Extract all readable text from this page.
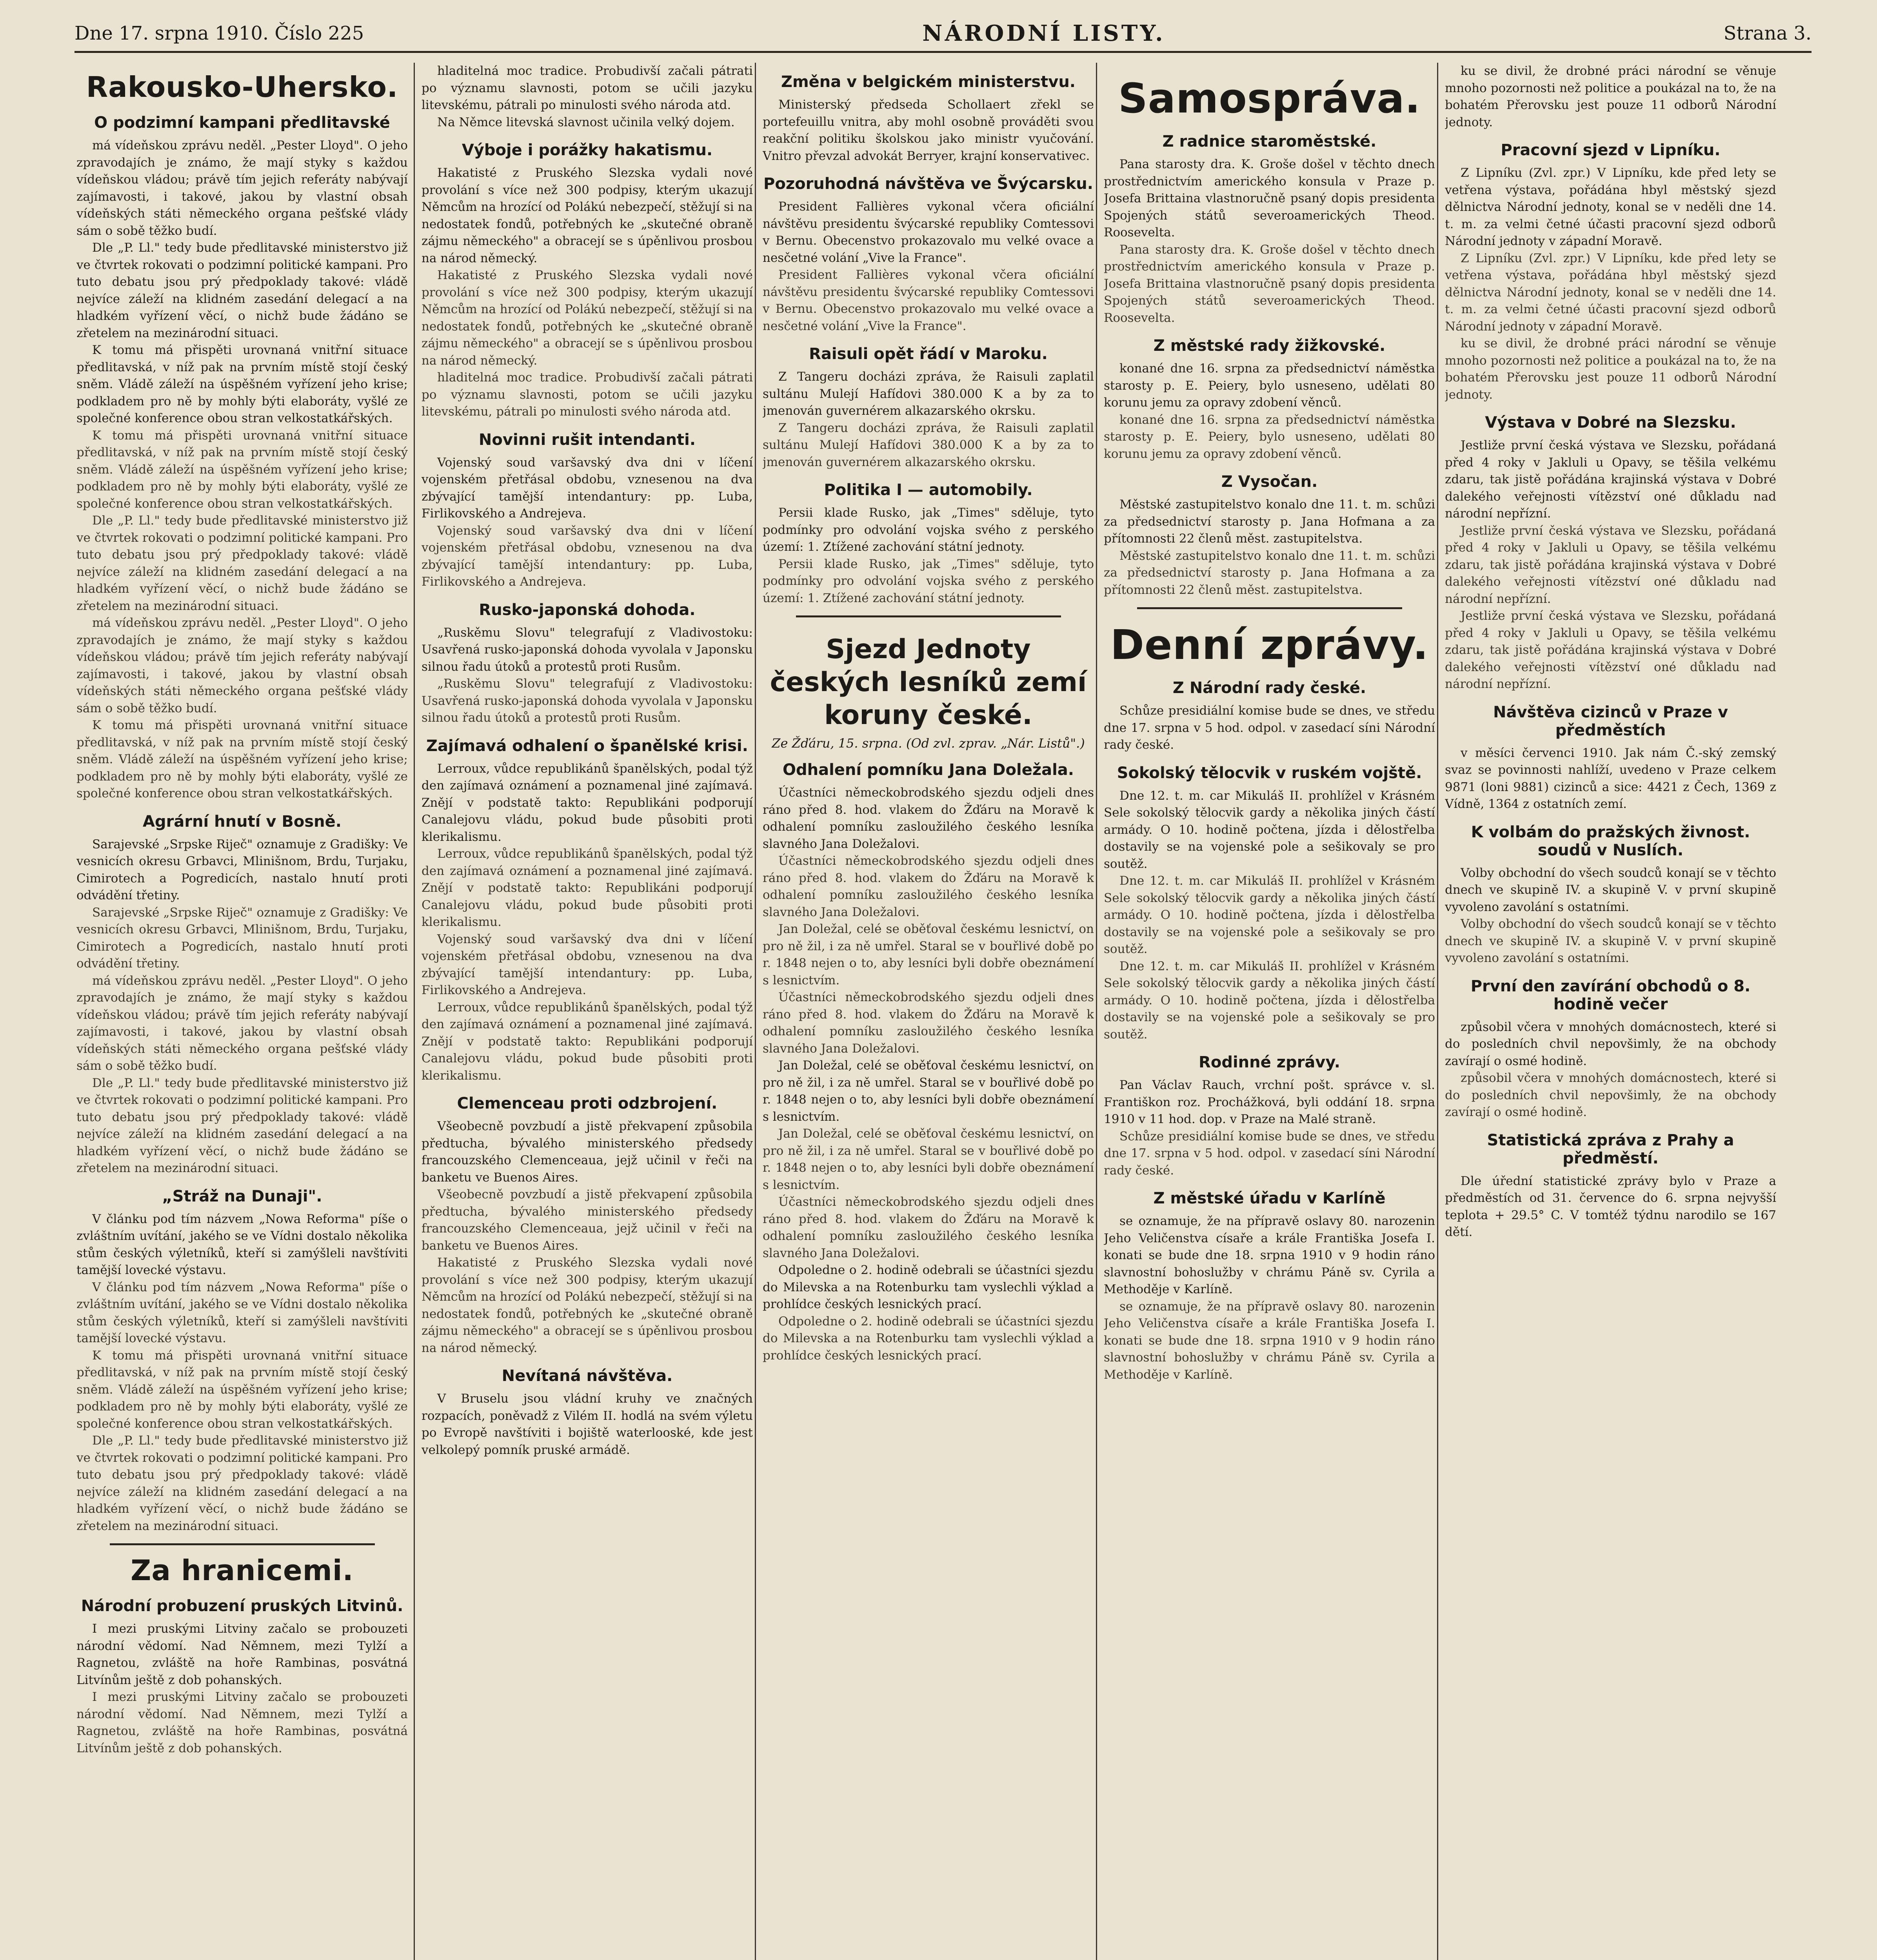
Dne 17. srpna 1910. Číslo 225	NÁRODNÍ LISTY.	Strana 3.
Rakousko-Uhersko.
O podzimní kampani předlitavské

má vídeňskou zprávu neděl. „Pester Lloyd". O jeho zpravodajích je známo, že mají styky s každou vídeňskou vládou; právě tím jejich referáty nabývají zajímavosti, i takové, jakou by vlastní obsah vídeňských státi německého organa pešťské vlády sám o sobě těžko budí.

Dle „P. Ll." tedy bude předlitavské ministerstvo již ve čtvrtek rokovati o podzimní politické kampani. Pro tuto debatu jsou prý předpoklady takové: vládě nejvíce záleží na klidném zasedání delegací a na hladkém vyřízení věcí, o nichž bude žádáno se zřetelem na mezinárodní situaci.

K tomu má přispěti urovnaná vnitřní situace předlitavská, v níž pak na prvním místě stojí český sněm. Vládě záleží na úspěšném vyřízení jeho krise; podkladem pro ně by mohly býti elaboráty, vyšlé ze společné konference obou stran velkostatkářských.

K tomu má přispěti urovnaná vnitřní situace předlitavská, v níž pak na prvním místě stojí český sněm. Vládě záleží na úspěšném vyřízení jeho krise; podkladem pro ně by mohly býti elaboráty, vyšlé ze společné konference obou stran velkostatkářských.

Dle „P. Ll." tedy bude předlitavské ministerstvo již ve čtvrtek rokovati o podzimní politické kampani. Pro tuto debatu jsou prý předpoklady takové: vládě nejvíce záleží na klidném zasedání delegací a na hladkém vyřízení věcí, o nichž bude žádáno se zřetelem na mezinárodní situaci.

má vídeňskou zprávu neděl. „Pester Lloyd". O jeho zpravodajích je známo, že mají styky s každou vídeňskou vládou; právě tím jejich referáty nabývají zajímavosti, i takové, jakou by vlastní obsah vídeňských státi německého organa pešťské vlády sám o sobě těžko budí.

K tomu má přispěti urovnaná vnitřní situace předlitavská, v níž pak na prvním místě stojí český sněm. Vládě záleží na úspěšném vyřízení jeho krise; podkladem pro ně by mohly býti elaboráty, vyšlé ze společné konference obou stran velkostatkářských.

Agrární hnutí v Bosně.

Sarajevské „Srpske Riječ" oznamuje z Gradišky: Ve vesnicích okresu Grbavci, Mlinišnom, Brdu, Turjaku, Cimirotech a Pogredicích, nastalo hnutí proti odvádění třetiny.

Sarajevské „Srpske Riječ" oznamuje z Gradišky: Ve vesnicích okresu Grbavci, Mlinišnom, Brdu, Turjaku, Cimirotech a Pogredicích, nastalo hnutí proti odvádění třetiny.

má vídeňskou zprávu neděl. „Pester Lloyd". O jeho zpravodajích je známo, že mají styky s každou vídeňskou vládou; právě tím jejich referáty nabývají zajímavosti, i takové, jakou by vlastní obsah vídeňských státi německého organa pešťské vlády sám o sobě těžko budí.

Dle „P. Ll." tedy bude předlitavské ministerstvo již ve čtvrtek rokovati o podzimní politické kampani. Pro tuto debatu jsou prý předpoklady takové: vládě nejvíce záleží na klidném zasedání delegací a na hladkém vyřízení věcí, o nichž bude žádáno se zřetelem na mezinárodní situaci.

„Stráž na Dunaji".

V článku pod tím názvem „Nowa Reforma" píše o zvláštním uvítání, jakého se ve Vídni dostalo několika stům českých výletníků, kteří si zamýšleli navštíviti tamější lovecké výstavu.

V článku pod tím názvem „Nowa Reforma" píše o zvláštním uvítání, jakého se ve Vídni dostalo několika stům českých výletníků, kteří si zamýšleli navštíviti tamější lovecké výstavu.

K tomu má přispěti urovnaná vnitřní situace předlitavská, v níž pak na prvním místě stojí český sněm. Vládě záleží na úspěšném vyřízení jeho krise; podkladem pro ně by mohly býti elaboráty, vyšlé ze společné konference obou stran velkostatkářských.

Dle „P. Ll." tedy bude předlitavské ministerstvo již ve čtvrtek rokovati o podzimní politické kampani. Pro tuto debatu jsou prý předpoklady takové: vládě nejvíce záleží na klidném zasedání delegací a na hladkém vyřízení věcí, o nichž bude žádáno se zřetelem na mezinárodní situaci.

Za hranicemi.
Národní probuzení pruských Litvinů.

I mezi pruskými Litviny začalo se probouzeti národní vědomí. Nad Němnem, mezi Tylží a Ragnetou, zvláště na hoře Rambinas, posvátná Litvínům ještě z dob pohanských.

I mezi pruskými Litviny začalo se probouzeti národní vědomí. Nad Němnem, mezi Tylží a Ragnetou, zvláště na hoře Rambinas, posvátná Litvínům ještě z dob pohanských.

hladitelná moc tradice. Probudivší začali pátrati po významu slavnosti, potom se učili jazyku litevskému, pátrali po minulosti svého národa atd.

Na Němce litevská slavnost učinila velký dojem.

Výboje i porážky hakatismu.

Hakatisté z Pruského Slezska vydali nové provolání s více než 300 podpisy, kterým ukazují Němcům na hrozící od Polákú nebezpečí, stěžují si na nedostatek fondů, potřebných ke „skutečné obraně zájmu německého" a obracejí se s úpěnlivou prosbou na národ německý.

Hakatisté z Pruského Slezska vydali nové provolání s více než 300 podpisy, kterým ukazují Němcům na hrozící od Polákú nebezpečí, stěžují si na nedostatek fondů, potřebných ke „skutečné obraně zájmu německého" a obracejí se s úpěnlivou prosbou na národ německý.

hladitelná moc tradice. Probudivší začali pátrati po významu slavnosti, potom se učili jazyku litevskému, pátrali po minulosti svého národa atd.

Novinni rušit intendanti.

Vojenský soud varšavský dva dni v líčení vojenském přetřásal obdobu, vznesenou na dva zbývající tamější intendantury: pp. Luba, Firlikovského a Andrejeva.

Vojenský soud varšavský dva dni v líčení vojenském přetřásal obdobu, vznesenou na dva zbývající tamější intendantury: pp. Luba, Firlikovského a Andrejeva.

Rusko-japonská dohoda.

„Ruskěmu Slovu" telegrafují z Vladivostoku: Usavřená rusko-japonská dohoda vyvolala v Japonsku silnou řadu útoků a protestů proti Rusům.

„Ruskěmu Slovu" telegrafují z Vladivostoku: Usavřená rusko-japonská dohoda vyvolala v Japonsku silnou řadu útoků a protestů proti Rusům.

Zajímavá odhalení o španělské krisi.

Lerroux, vůdce republikánů španělských, podal týž den zajímavá oznámení a poznamenal jiné zajímavá. Znějí v podstatě takto: Republikáni podporují Canalejovu vládu, pokud bude působiti proti klerikalismu.

Lerroux, vůdce republikánů španělských, podal týž den zajímavá oznámení a poznamenal jiné zajímavá. Znějí v podstatě takto: Republikáni podporují Canalejovu vládu, pokud bude působiti proti klerikalismu.

Vojenský soud varšavský dva dni v líčení vojenském přetřásal obdobu, vznesenou na dva zbývající tamější intendantury: pp. Luba, Firlikovského a Andrejeva.

Lerroux, vůdce republikánů španělských, podal týž den zajímavá oznámení a poznamenal jiné zajímavá. Znějí v podstatě takto: Republikáni podporují Canalejovu vládu, pokud bude působiti proti klerikalismu.

Clemenceau proti odzbrojení.

Všeobecně povzbudí a jistě překvapení způsobila předtucha, bývalého ministerského předsedy francouzského Clemenceaua, jejž učinil v řeči na banketu ve Buenos Aires.

Všeobecně povzbudí a jistě překvapení způsobila předtucha, bývalého ministerského předsedy francouzského Clemenceaua, jejž učinil v řeči na banketu ve Buenos Aires.

Hakatisté z Pruského Slezska vydali nové provolání s více než 300 podpisy, kterým ukazují Němcům na hrozící od Polákú nebezpečí, stěžují si na nedostatek fondů, potřebných ke „skutečné obraně zájmu německého" a obracejí se s úpěnlivou prosbou na národ německý.

Nevítaná návštěva.

V Bruselu jsou vládní kruhy ve značných rozpacích, poněvadž z Vilém II. hodlá na svém výletu po Evropě navštíviti i bojiště waterlooské, kde jest velkolepý pomník pruské armádě.

Změna v belgickém ministerstvu.

Ministerský předseda Schollaert zřekl se portefeuillu vnitra, aby mohl osobně prováděti svou reakční politiku školskou jako ministr vyučování. Vnitro převzal advokát Berryer, krajní konservativec.

Pozoruhodná návštěva ve Švýcarsku.

President Fallières vykonal včera oficiální návštěvu presidentu švýcarské republiky Comtessovi v Bernu. Obecenstvo prokazovalo mu velké ovace a nesčetné volání „Vive la France".

President Fallières vykonal včera oficiální návštěvu presidentu švýcarské republiky Comtessovi v Bernu. Obecenstvo prokazovalo mu velké ovace a nesčetné volání „Vive la France".

Raisuli opět řádí v Maroku.

Z Tangeru docházi zpráva, že Raisuli zaplatil sultánu Mulejí Hafídovi 380.000 K a by za to jmenován guvernérem alkazarského okrsku.

Z Tangeru docházi zpráva, že Raisuli zaplatil sultánu Mulejí Hafídovi 380.000 K a by za to jmenován guvernérem alkazarského okrsku.

Politika I — automobily.

Persii klade Rusko, jak „Times" sděluje, tyto podmínky pro odvolání vojska svého z perského území: 1. Ztížené zachování státní jednoty.

Persii klade Rusko, jak „Times" sděluje, tyto podmínky pro odvolání vojska svého z perského území: 1. Ztížené zachování státní jednoty.

Sjezd Jednoty českých lesníků zemí koruny české.
Ze Žďáru, 15. srpna. (Od zvl. zprav. „Nár. Listů".)
Odhalení pomníku Jana Doležala.

Účastníci německobrodského sjezdu odjeli dnes ráno před 8. hod. vlakem do Žďáru na Moravě k odhalení pomníku zasloužilého českého lesníka slavného Jana Doležalovi.

Účastníci německobrodského sjezdu odjeli dnes ráno před 8. hod. vlakem do Žďáru na Moravě k odhalení pomníku zasloužilého českého lesníka slavného Jana Doležalovi.

Jan Doležal, celé se oběťoval českému lesnictví, on pro ně žil, i za ně umřel. Staral se v bouřlivé době po r. 1848 nejen o to, aby lesníci byli dobře obeznámení s lesnictvím.

Účastníci německobrodského sjezdu odjeli dnes ráno před 8. hod. vlakem do Žďáru na Moravě k odhalení pomníku zasloužilého českého lesníka slavného Jana Doležalovi.

Jan Doležal, celé se oběťoval českému lesnictví, on pro ně žil, i za ně umřel. Staral se v bouřlivé době po r. 1848 nejen o to, aby lesníci byli dobře obeznámení s lesnictvím.

Jan Doležal, celé se oběťoval českému lesnictví, on pro ně žil, i za ně umřel. Staral se v bouřlivé době po r. 1848 nejen o to, aby lesníci byli dobře obeznámení s lesnictvím.

Účastníci německobrodského sjezdu odjeli dnes ráno před 8. hod. vlakem do Žďáru na Moravě k odhalení pomníku zasloužilého českého lesníka slavného Jana Doležalovi.

Odpoledne o 2. hodině odebrali se účastníci sjezdu do Milevska a na Rotenburku tam vyslechli výklad a prohlídce českých lesnických prací.

Odpoledne o 2. hodině odebrali se účastníci sjezdu do Milevska a na Rotenburku tam vyslechli výklad a prohlídce českých lesnických prací.

Samospráva.
Z radnice staroměstské.

Pana starosty dra. K. Groše došel v těchto dnech prostřednictvím amerického konsula v Praze p. Josefa Brittaina vlastnoručně psaný dopis presidenta Spojených států severoamerických Theod. Roosevelta.

Pana starosty dra. K. Groše došel v těchto dnech prostřednictvím amerického konsula v Praze p. Josefa Brittaina vlastnoručně psaný dopis presidenta Spojených států severoamerických Theod. Roosevelta.

Z městské rady žižkovské.

konané dne 16. srpna za předsednictví náměstka starosty p. E. Peiery, bylo usneseno, udělati 80 korunu jemu za opravy zdobení věnců.

konané dne 16. srpna za předsednictví náměstka starosty p. E. Peiery, bylo usneseno, udělati 80 korunu jemu za opravy zdobení věnců.

Z Vysočan.

Městské zastupitelstvo konalo dne 11. t. m. schůzi za předsednictví starosty p. Jana Hofmana a za přítomnosti 22 členů měst. zastupitelstva.

Městské zastupitelstvo konalo dne 11. t. m. schůzi za předsednictví starosty p. Jana Hofmana a za přítomnosti 22 členů měst. zastupitelstva.

Denní zprávy.
Z Národní rady české.

Schůze presidiální komise bude se dnes, ve středu dne 17. srpna v 5 hod. odpol. v zasedací síni Národní rady české.

Sokolský tělocvik v ruském vojště.

Dne 12. t. m. car Mikuláš II. prohlížel v Krásném Sele sokolský tělocvik gardy a několika jiných částí armády. O 10. hodině počtena, jízda i dělostřelba dostavily se na vojenské pole a sešikovaly se pro soutěž.

Dne 12. t. m. car Mikuláš II. prohlížel v Krásném Sele sokolský tělocvik gardy a několika jiných částí armády. O 10. hodině počtena, jízda i dělostřelba dostavily se na vojenské pole a sešikovaly se pro soutěž.

Dne 12. t. m. car Mikuláš II. prohlížel v Krásném Sele sokolský tělocvik gardy a několika jiných částí armády. O 10. hodině počtena, jízda i dělostřelba dostavily se na vojenské pole a sešikovaly se pro soutěž.

Rodinné zprávy.

Pan Václav Rauch, vrchní pošt. správce v. sl. Františkon roz. Prochážková, byli oddání 18. srpna 1910 v 11 hod. dop. v Praze na Malé straně.

Schůze presidiální komise bude se dnes, ve středu dne 17. srpna v 5 hod. odpol. v zasedací síni Národní rady české.

Z městské úřadu v Karlíně

se oznamuje, že na přípravě oslavy 80. narozenin Jeho Veličenstva císaře a krále Františka Josefa I. konati se bude dne 18. srpna 1910 v 9 hodin ráno slavnostní bohoslužby v chrámu Páně sv. Cyrila a Methoděje v Karlíně.

se oznamuje, že na přípravě oslavy 80. narozenin Jeho Veličenstva císaře a krále Františka Josefa I. konati se bude dne 18. srpna 1910 v 9 hodin ráno slavnostní bohoslužby v chrámu Páně sv. Cyrila a Methoděje v Karlíně.

ku se divil, že drobné práci národní se věnuje mnoho pozornosti než politice a poukázal na to, že na bohatém Přerovsku jest pouze 11 odborů Národní jednoty.

Pracovní sjezd v Lipníku.

Z Lipníku (Zvl. zpr.) V Lipníku, kde před lety se vetřena výstava, pořádána hbyl městský sjezd dělnictva Národní jednoty, konal se v neděli dne 14. t. m. za velmi četné účasti pracovní sjezd odborů Národní jednoty v západní Moravě.

Z Lipníku (Zvl. zpr.) V Lipníku, kde před lety se vetřena výstava, pořádána hbyl městský sjezd dělnictva Národní jednoty, konal se v neděli dne 14. t. m. za velmi četné účasti pracovní sjezd odborů Národní jednoty v západní Moravě.

ku se divil, že drobné práci národní se věnuje mnoho pozornosti než politice a poukázal na to, že na bohatém Přerovsku jest pouze 11 odborů Národní jednoty.

Výstava v Dobré na Slezsku.

Jestliže první česká výstava ve Slezsku, pořádaná před 4 roky v Jakluli u Opavy, se těšila velkému zdaru, tak jistě pořádána krajinská výstava v Dobré dalekého veřejnosti vítězství oné důkladu nad národní nepřízní.

Jestliže první česká výstava ve Slezsku, pořádaná před 4 roky v Jakluli u Opavy, se těšila velkému zdaru, tak jistě pořádána krajinská výstava v Dobré dalekého veřejnosti vítězství oné důkladu nad národní nepřízní.

Jestliže první česká výstava ve Slezsku, pořádaná před 4 roky v Jakluli u Opavy, se těšila velkému zdaru, tak jistě pořádána krajinská výstava v Dobré dalekého veřejnosti vítězství oné důkladu nad národní nepřízní.

Návštěva cizinců v Praze v předměstích

v měsíci červenci 1910. Jak nám Č.-ský zemský svaz se povinnosti nahlíží, uvedeno v Praze celkem 9871 (loni 9881) cizinců a sice: 4421 z Čech, 1369 z Vídně, 1364 z ostatních zemí.

K volbám do pražských živnost. soudů v Nuslích.

Volby obchodní do všech soudců konají se v těchto dnech ve skupině IV. a skupině V. v první skupině vyvoleno zavolání s ostatními.

Volby obchodní do všech soudců konají se v těchto dnech ve skupině IV. a skupině V. v první skupině vyvoleno zavolání s ostatními.

První den zavírání obchodů o 8. hodině večer

způsobil včera v mnohých domácnostech, které si do posledních chvil nepovšimly, že na obchody zavírají o osmé hodině.

způsobil včera v mnohých domácnostech, které si do posledních chvil nepovšimly, že na obchody zavírají o osmé hodině.

Statistická zpráva z Prahy a předměstí.

Dle úřední statistické zprávy bylo v Praze a předměstích od 31. července do 6. srpna nejvyšší teplota + 29.5° C. V tomtéž týdnu narodilo se 167 dětí.
